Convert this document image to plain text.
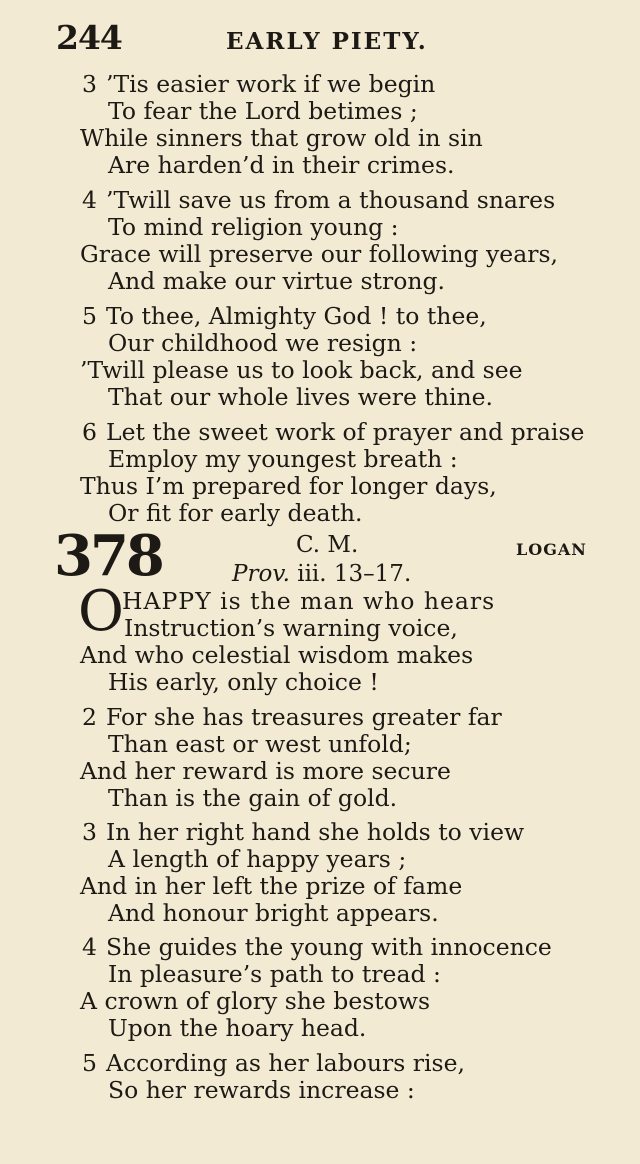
244	EARLY PIETY.
3 ’Tis easier work if we begin
To fear the Lord betimes ;
While sinners that grow old in sin
Are harden’d in their crimes.
4 ’Twill save us from a thousand snares
To mind religion young :
Grace will preserve our following years,
And make our virtue strong.
5 To thee, Almighty God ! to thee,
Our childhood we resign :
’Twill please us to look back, and see
That our whole lives were thine.
6 Let the sweet work of prayer and praise
Employ my youngest breath :
Thus I’m prepared for longer days,
Or fit for early death.
378	C. M.	LOGAN
Prov. iii. 13–17.
O
HAPPY is the man who hears
Instruction’s warning voice,
And who celestial wisdom makes
His early, only choice !
2 For she has treasures greater far
Than east or west unfold;
And her reward is more secure
Than is the gain of gold.
3 In her right hand she holds to view
A length of happy years ;
And in her left the prize of fame
And honour bright appears.
4 She guides the young with innocence
In pleasure’s path to tread :
A crown of glory she bestows
Upon the hoary head.
5 According as her labours rise,
So her rewards increase :
